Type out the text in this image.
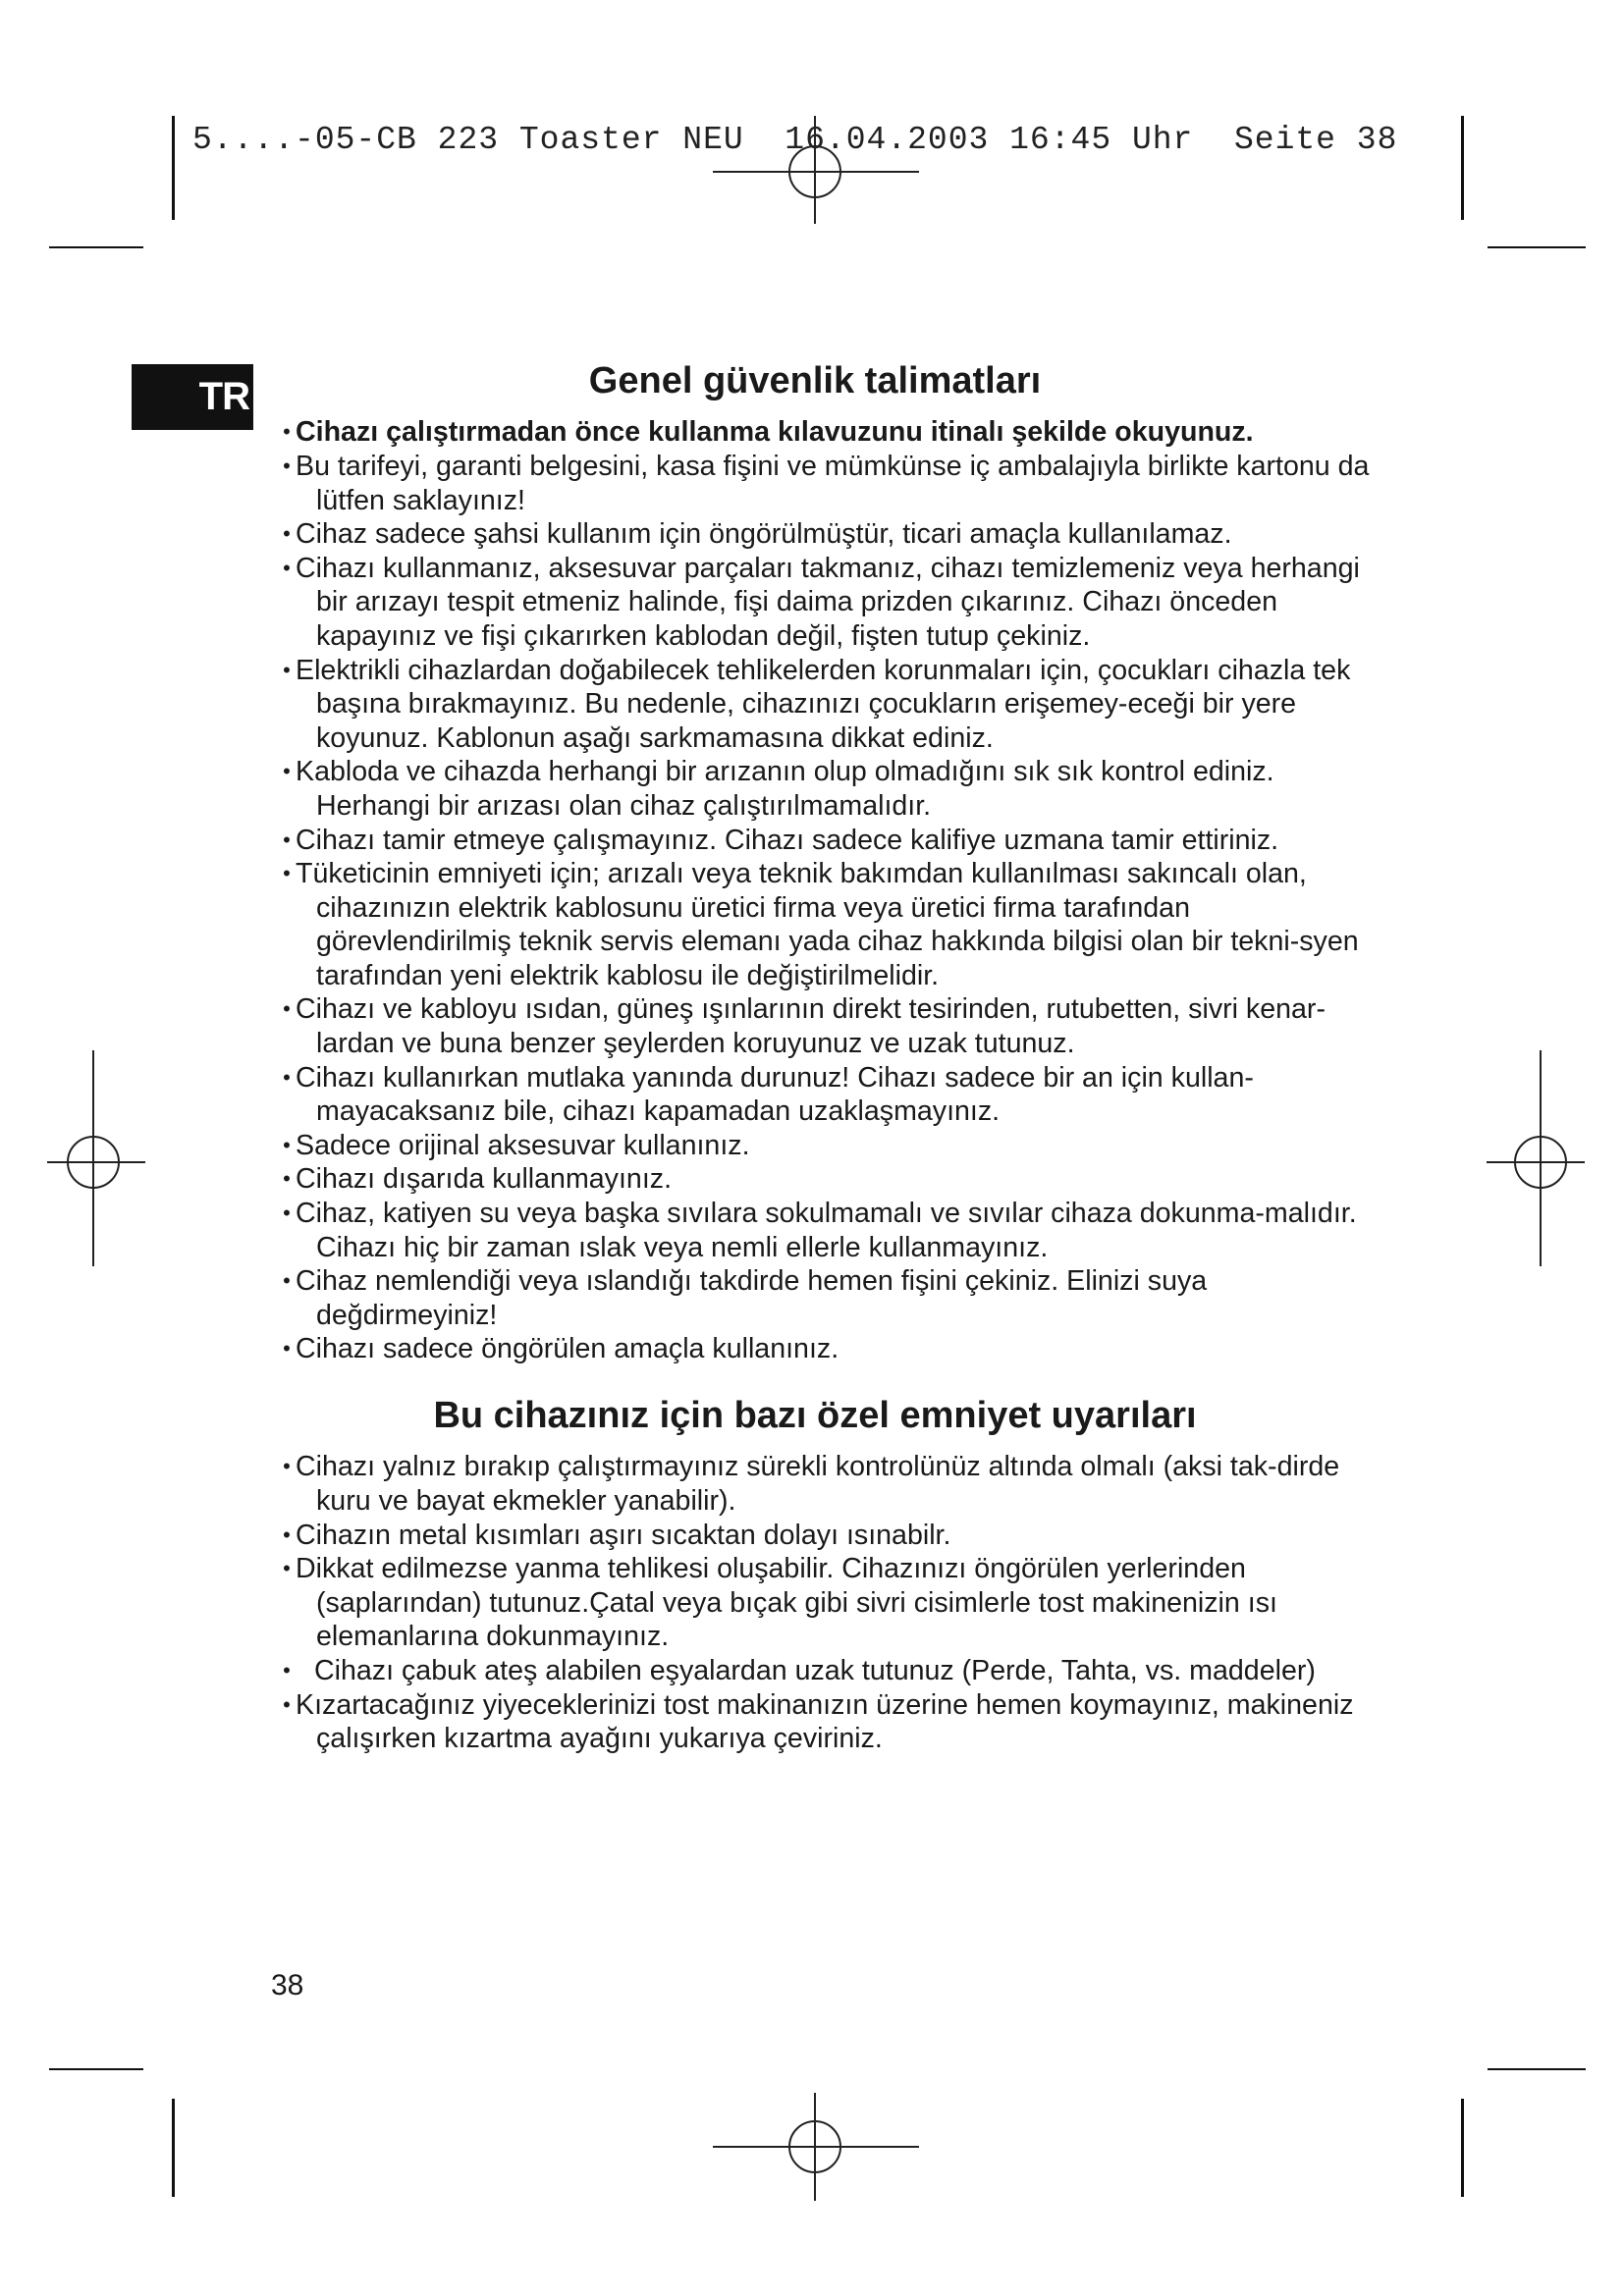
5....-05-CB 223 Toaster NEU  16.04.2003 16:45 Uhr  Seite 38
TR	Genel güvenlik talimatları
• Cihazı çalıştırmadan önce kullanma kılavuzunu itinalı şekilde okuyunuz.
• Bu tarifeyi, garanti belgesini, kasa fişini ve mümkünse iç ambalajıyla birlikte kartonu da lütfen saklayınız!
• Cihaz sadece şahsi kullanım için öngörülmüştür, ticari amaçla kullanılamaz.
• Cihazı kullanmanız, aksesuvar parçaları takmanız, cihazı temizlemeniz veya herhangi bir arızayı tespit etmeniz halinde, fişi daima prizden çıkarınız. Cihazı önceden kapayınız ve fişi çıkarırken kablodan değil, fişten tutup çekiniz.
• Elektrikli cihazlardan doğabilecek tehlikelerden korunmaları için, çocukları cihazla tek başına bırakmayınız. Bu nedenle, cihazınızı çocukların erişemey-eceği bir yere koyunuz. Kablonun aşağı sarkmamasına dikkat ediniz.
• Kabloda ve cihazda herhangi bir arızanın olup olmadığını sık sık kontrol ediniz. Herhangi bir arızası olan cihaz çalıştırılmamalıdır.
• Cihazı tamir etmeye çalışmayınız. Cihazı sadece kalifiye uzmana tamir ettiriniz.
• Tüketicinin emniyeti için; arızalı veya teknik bakımdan kullanılması sakıncalı olan, cihazınızın elektrik kablosunu üretici firma veya üretici firma tarafından görevlendirilmiş teknik servis elemanı yada cihaz hakkında bilgisi olan bir tekni-syen tarafından yeni elektrik kablosu ile değiştirilmelidir.
• Cihazı ve kabloyu ısıdan, güneş ışınlarının direkt tesirinden, rutubetten, sivri kenar-lardan ve buna benzer şeylerden koruyunuz ve uzak tutunuz.
• Cihazı kullanırkan mutlaka yanında durunuz! Cihazı sadece bir an için kullan-mayacaksanız bile, cihazı kapamadan uzaklaşmayınız.
• Sadece orijinal aksesuvar kullanınız.
• Cihazı dışarıda kullanmayınız.
• Cihaz, katiyen su veya başka sıvılara sokulmamalı ve sıvılar cihaza dokunma-malıdır. Cihazı hiç bir zaman ıslak veya nemli ellerle kullanmayınız.
• Cihaz nemlendiği veya ıslandığı takdirde hemen fişini çekiniz. Elinizi suya değdirmeyiniz!
• Cihazı sadece öngörülen amaçla kullanınız.
Bu cihazınız için bazı özel emniyet uyarıları
• Cihazı yalnız bırakıp çalıştırmayınız sürekli kontrolünüz altında olmalı (aksi tak-dirde kuru ve bayat ekmekler yanabilir).
• Cihazın metal kısımları aşırı sıcaktan dolayı ısınabilr.
• Dikkat edilmezse yanma tehlikesi oluşabilir. Cihazınızı öngörülen yerlerinden (saplarından) tutunuz.Çatal veya bıçak gibi sivri cisimlerle tost makinenizin ısı elemanlarına dokunmayınız.
• Cihazı çabuk ateş alabilen eşyalardan uzak tutunuz (Perde, Tahta, vs. maddeler)
• Kızartacağınız yiyeceklerinizi tost makinanızın üzerine hemen koymayınız, makineniz çalışırken kızartma ayağını yukarıya çeviriniz.
38
